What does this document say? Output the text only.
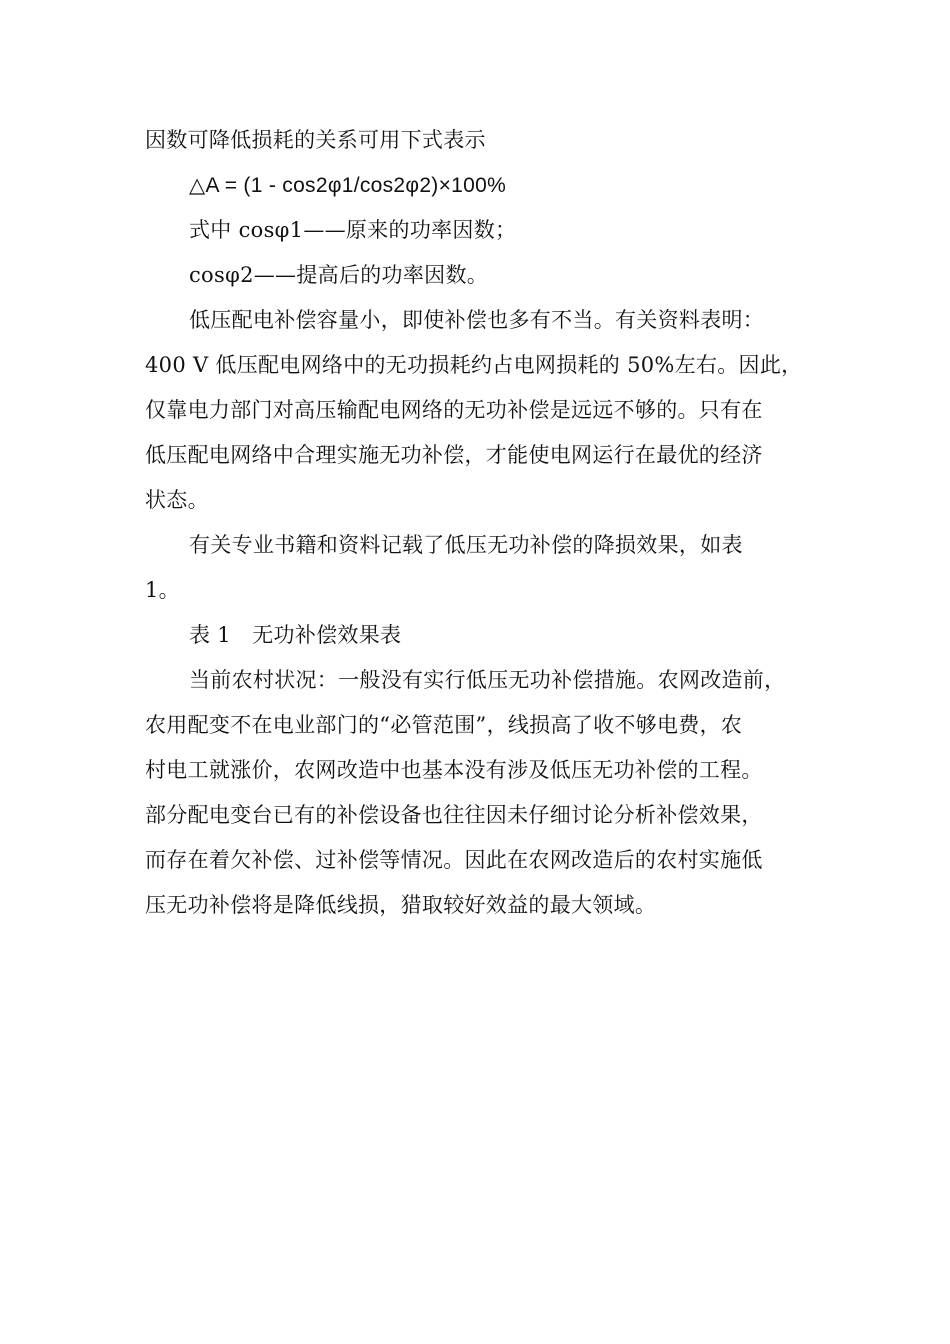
因数可降低损耗的关系可用下式表示
△A = (1 - cos2φ1/cos2φ2)×100%
式中 cosφ1——原来的功率因数；
cosφ2——提高后的功率因数。
低压配电补偿容量小，即使补偿也多有不当。有关资料表明：
400 V 低压配电网络中的无功损耗约占电网损耗的 50%左右。因此，
仅靠电力部门对高压输配电网络的无功补偿是远远不够的。只有在
低压配电网络中合理实施无功补偿，才能使电网运行在最优的经济
状态。
有关专业书籍和资料记载了低压无功补偿的降损效果，如表
1。
表 1　无功补偿效果表
当前农村状况：一般没有实行低压无功补偿措施。农网改造前，
农用配变不在电业部门的“必管范围”，线损高了收不够电费，农
村电工就涨价，农网改造中也基本没有涉及低压无功补偿的工程。
部分配电变台已有的补偿设备也往往因未仔细讨论分析补偿效果，
而存在着欠补偿、过补偿等情况。因此在农网改造后的农村实施低
压无功补偿将是降低线损，猎取较好效益的最大领域。
